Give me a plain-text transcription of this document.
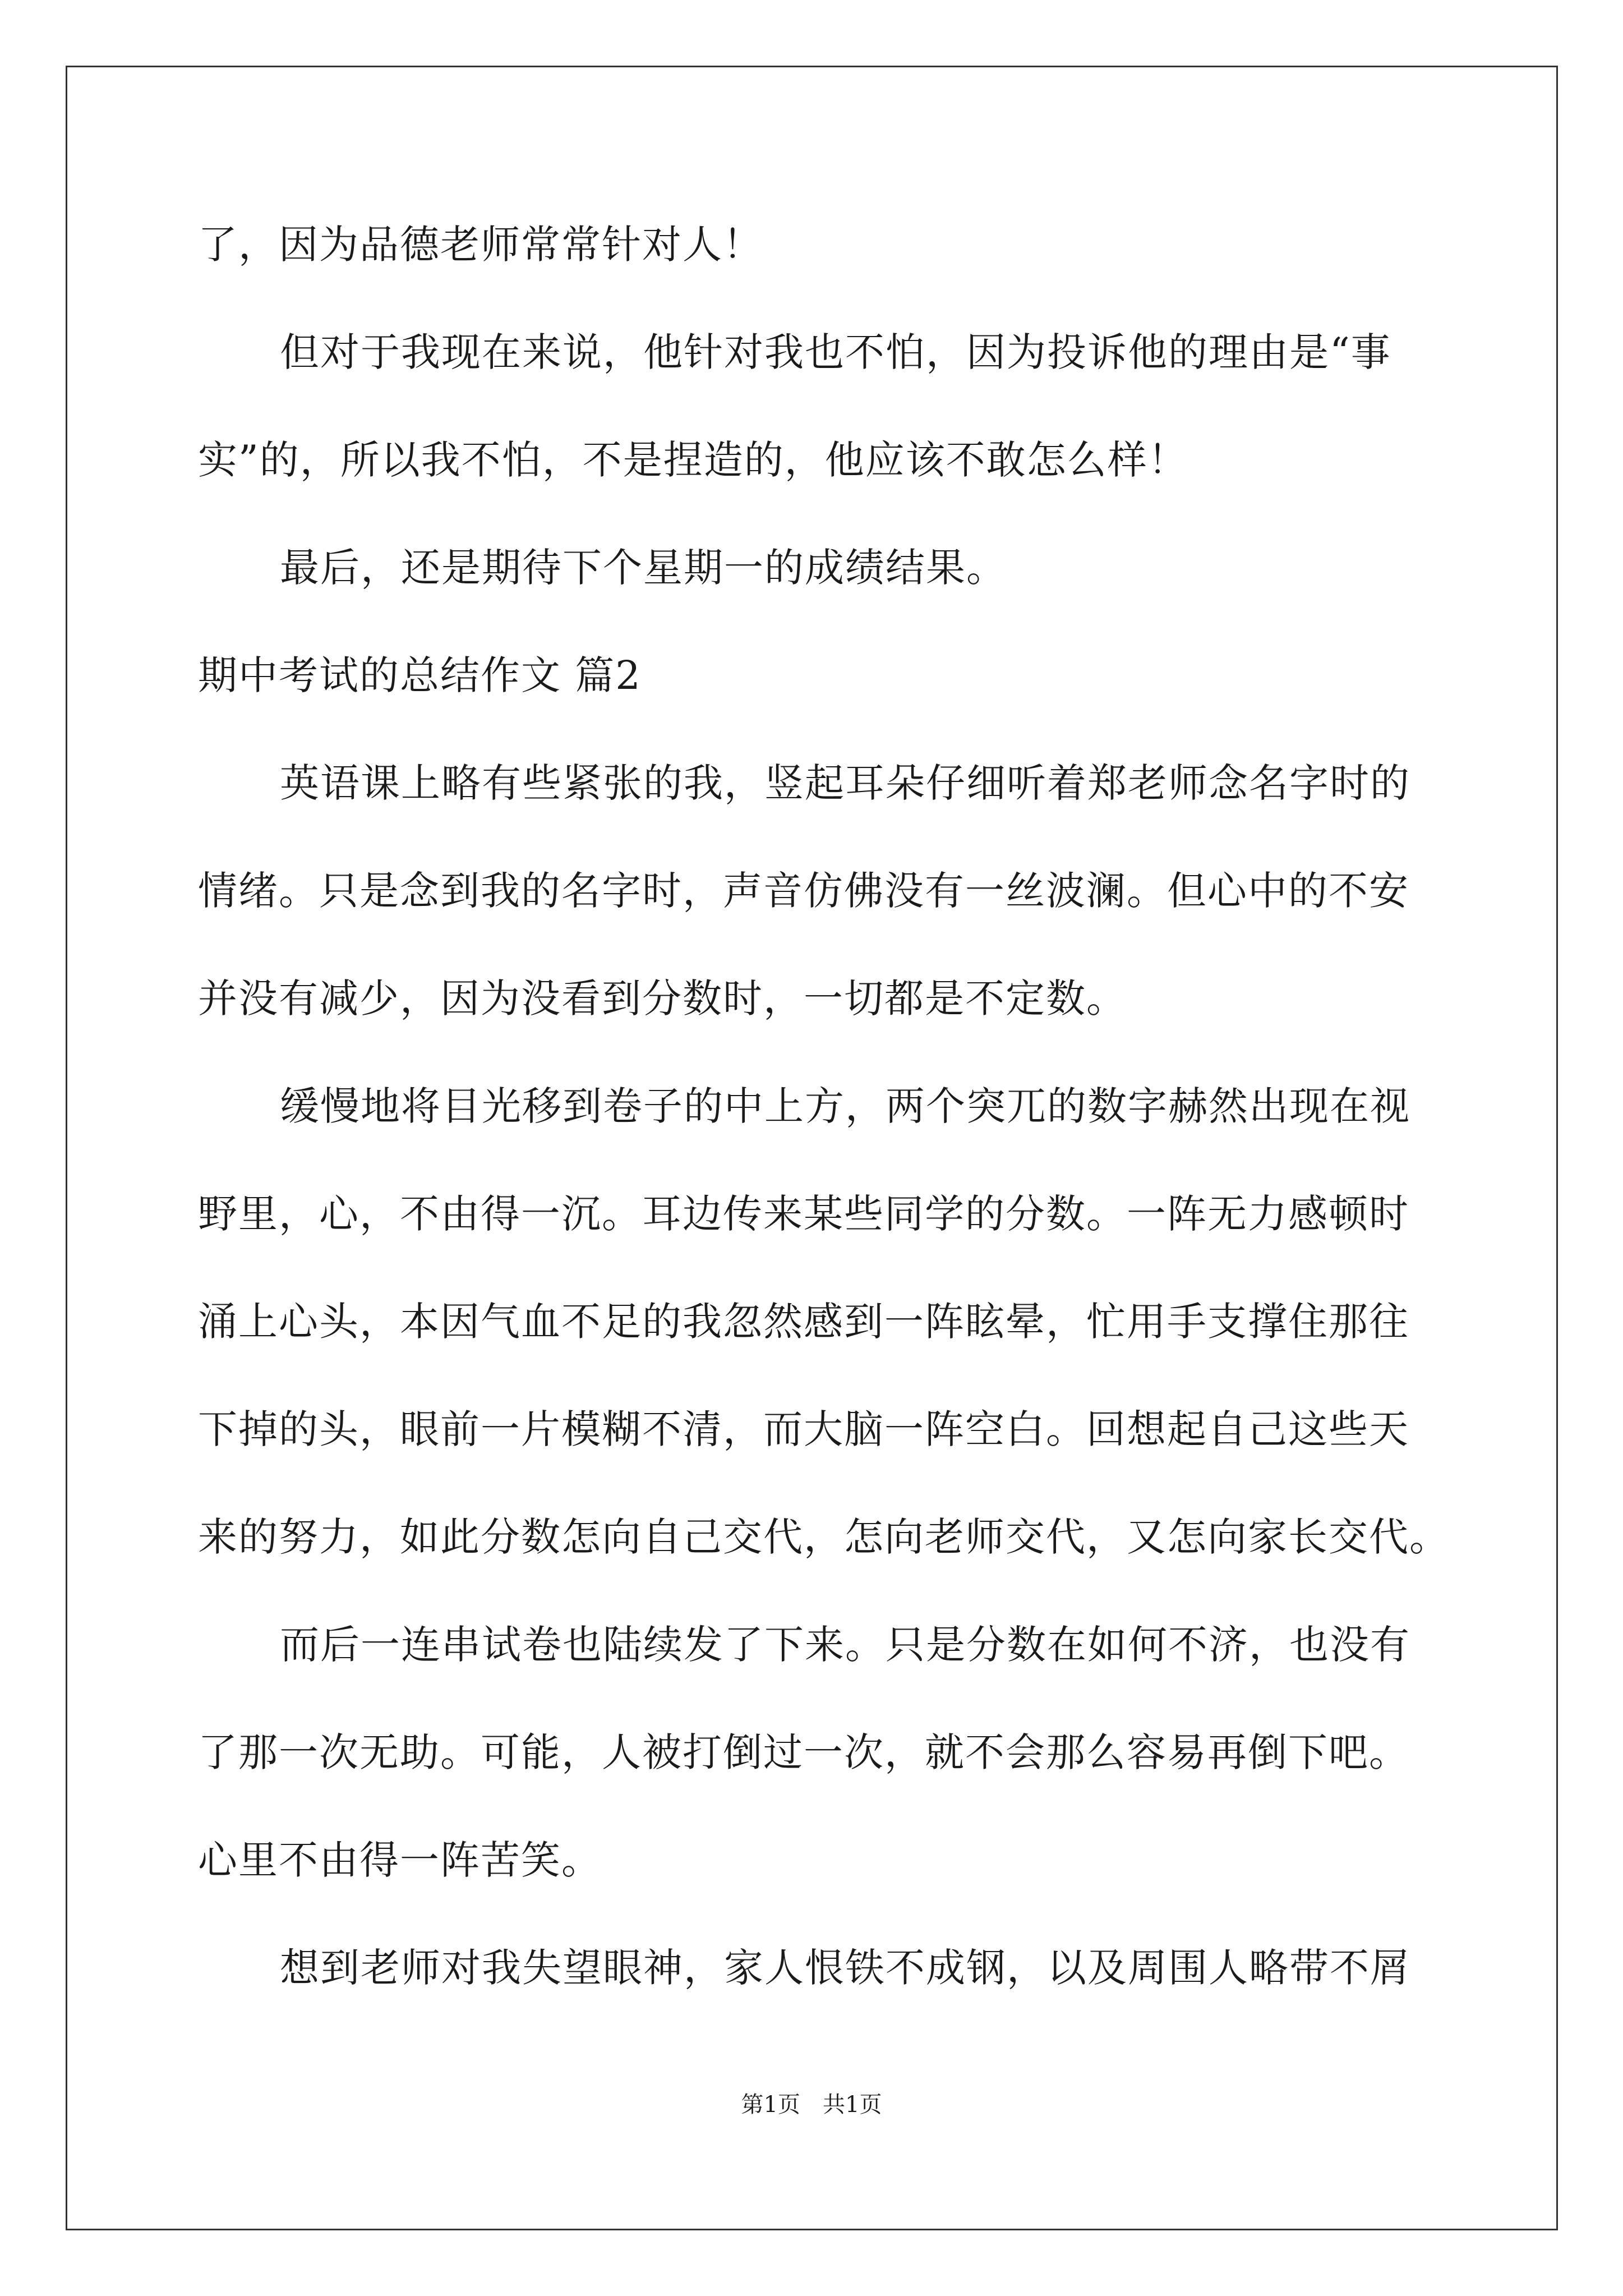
了，因为品德老师常常针对人！
但对于我现在来说，他针对我也不怕，因为投诉他的理由是“事
实”的，所以我不怕，不是捏造的，他应该不敢怎么样！
最后，还是期待下个星期一的成绩结果。
期中考试的总结作文 篇2
英语课上略有些紧张的我，竖起耳朵仔细听着郑老师念名字时的
情绪。只是念到我的名字时，声音仿佛没有一丝波澜。但心中的不安
并没有减少，因为没看到分数时，一切都是不定数。
缓慢地将目光移到卷子的中上方，两个突兀的数字赫然出现在视
野里，心，不由得一沉。耳边传来某些同学的分数。一阵无力感顿时
涌上心头，本因气血不足的我忽然感到一阵眩晕，忙用手支撑住那往
下掉的头，眼前一片模糊不清，而大脑一阵空白。回想起自己这些天
来的努力，如此分数怎向自己交代，怎向老师交代，又怎向家长交代。
而后一连串试卷也陆续发了下来。只是分数在如何不济，也没有
了那一次无助。可能，人被打倒过一次，就不会那么容易再倒下吧。
心里不由得一阵苦笑。
想到老师对我失望眼神，家人恨铁不成钢，以及周围人略带不屑
第1页 共1页
